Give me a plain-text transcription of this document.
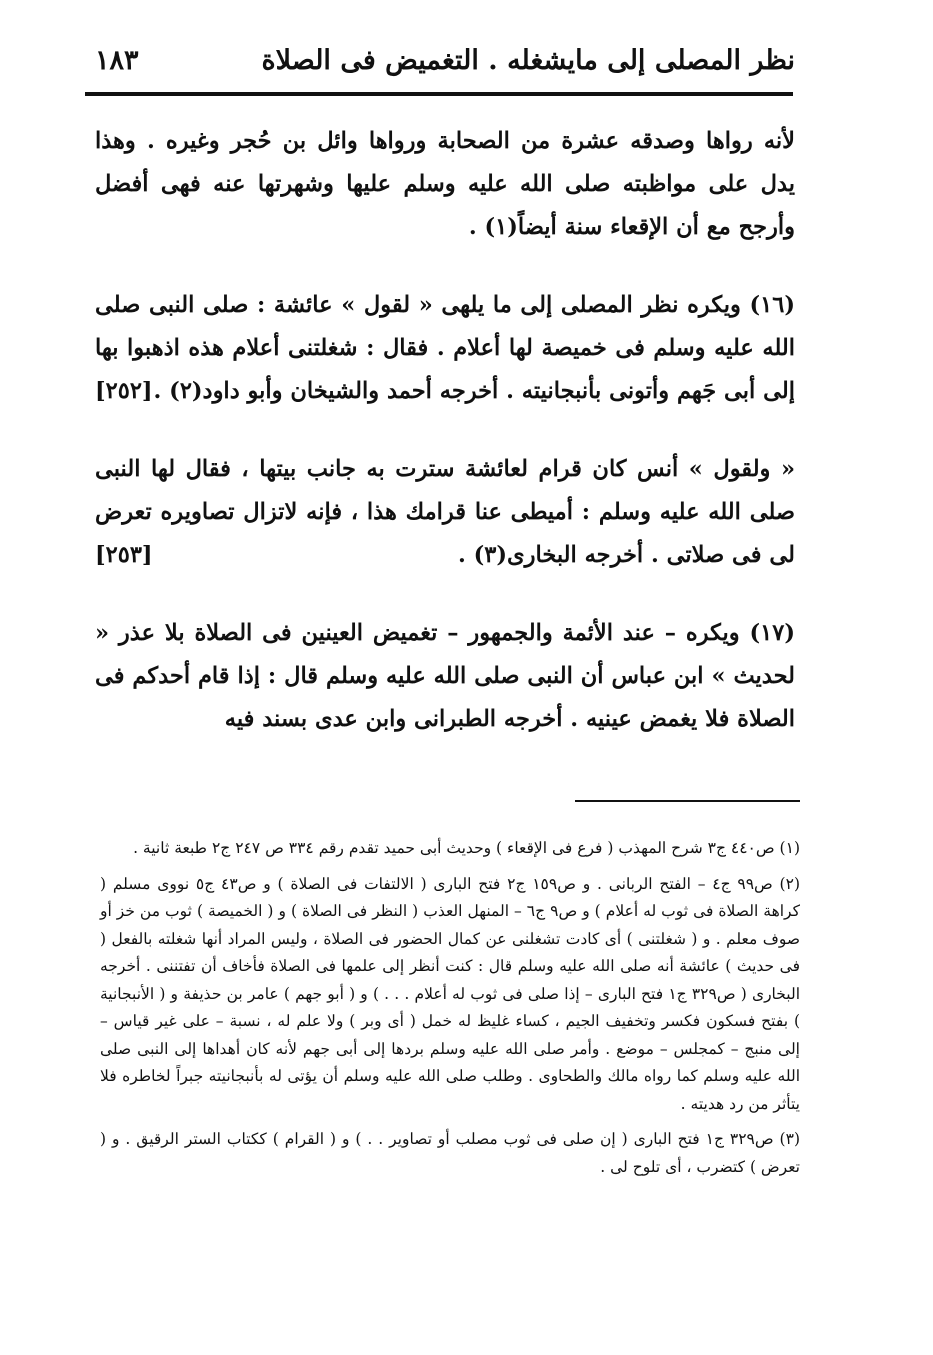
نظر المصلى إلى مايشغله . التغميض فى الصلاة
١٨٣

لأنه رواها وصدقه عشرة من الصحابة ورواها وائل بن حُجر وغيره . وهذا يدل على مواظبته صلى الله عليه وسلم عليها وشهرتها عنه فهى أفضل وأرجح مع أن الإقعاء سنة أيضاً(١) .

(١٦) ويكره نظر المصلى إلى ما يلهى « لقول » عائشة : صلى النبى صلى الله عليه وسلم فى خميصة لها أعلام . فقال : شغلتنى أعلام هذه اذهبوا بها إلى أبى جَهم وأتونى بأنبجانيته . أخرجه أحمد والشيخان وأبو داود(٢) .
[٢٥٢]

« ولقول » أنس كان قرام لعائشة سترت به جانب بيتها ، فقال لها النبى صلى الله عليه وسلم : أميطى عنا قرامك هذا ، فإنه لاتزال تصاويره تعرض لى فى صلاتى . أخرجه البخارى(٣) .
[٢٥٣]

(١٧) ويكره – عند الأئمة والجمهور – تغميض العينين فى الصلاة بلا عذر « لحديث » ابن عباس أن النبى صلى الله عليه وسلم قال : إذا قام أحدكم فى الصلاة فلا يغمض عينيه . أخرجه الطبرانى وابن عدى بسند فيه

(١) ص٤٤٠ ج٣ شرح المهذب ( فرع فى الإقعاء ) وحديث أبى حميد تقدم رقم ٣٣٤ ص ٢٤٧ ج٢ طبعة ثانية .

(٢) ص٩٩ ج٤ – الفتح الربانى . و ص١٥٩ ج٢ فتح البارى ( الالتفات فى الصلاة ) و ص٤٣ ج٥ نووى مسلم ( كراهة الصلاة فى ثوب له أعلام ) و ص٩ ج٦ – المنهل العذب ( النظر فى الصلاة ) و ( الخميصة ) ثوب من خز أو صوف معلم . و ( شغلتنى ) أى كادت تشغلنى عن كمال الحضور فى الصلاة ، وليس المراد أنها شغلته بالفعل ( فى حديث ) عائشة أنه صلى الله عليه وسلم قال : كنت أنظر إلى علمها فى الصلاة فأخاف أن تفتننى . أخرجه البخارى ( ص٣٢٩ ج١ فتح البارى – إذا صلى فى ثوب له أعلام . . . ) و ( أبو جهم ) عامر بن حذيفة و ( الأنبجانية ) بفتح فسكون فكسر وتخفيف الجيم ، كساء غليظ له خمل ( أى وبر ) ولا علم له ، نسبة – على غير قياس – إلى منبج – كمجلس – موضع . وأمر صلى الله عليه وسلم بردها إلى أبى جهم لأنه كان أهداها إلى النبى صلى الله عليه وسلم كما رواه مالك والطحاوى . وطلب صلى الله عليه وسلم أن يؤتى له بأنبجانيته جبراً لخاطره فلا يتأثر من رد هديته .

(٣) ص٣٢٩ ج١ فتح البارى ( إن صلى فى ثوب مصلب أو تصاوير . . ) و ( القرام ) ككتاب الستر الرقيق . و ( تعرض ) كتضرب ، أى تلوح لى .
